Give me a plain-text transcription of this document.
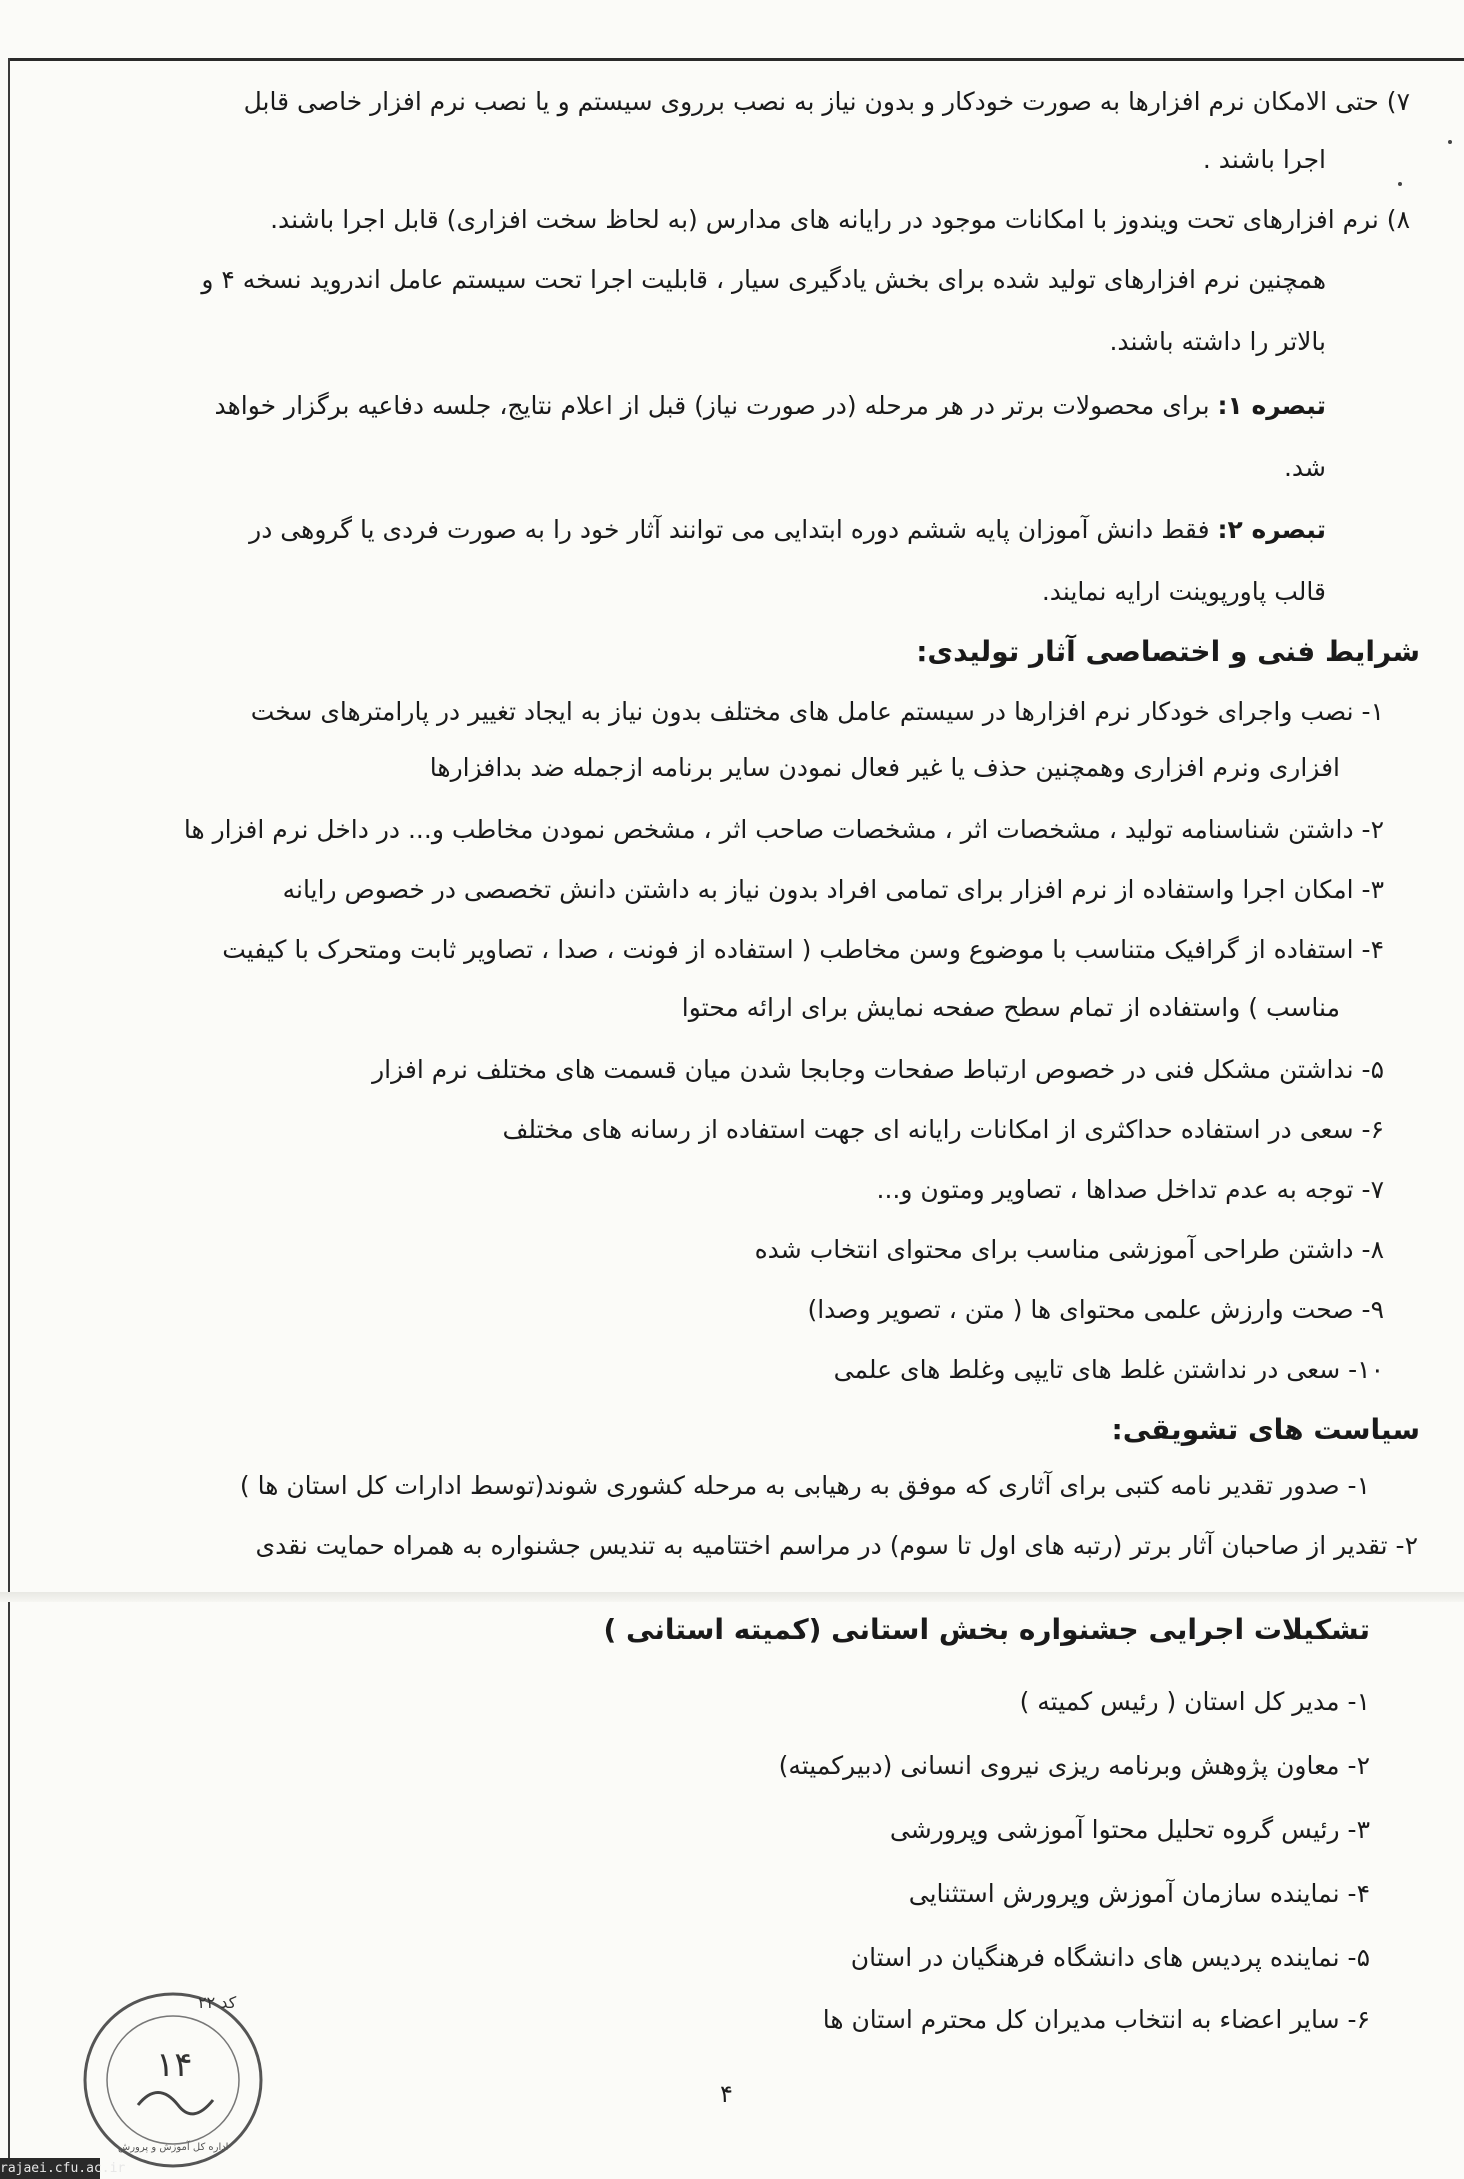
۷) حتی الامکان نرم افزارها به صورت خودکار و بدون نیاز به نصب برروی سیستم و یا نصب نرم افزار خاصی قابل
اجرا باشند .
۸) نرم افزارهای تحت ویندوز با امکانات موجود در رایانه های مدارس (به لحاظ سخت افزاری) قابل اجرا باشند.
همچنین نرم افزارهای تولید شده برای بخش یادگیری سیار ، قابلیت اجرا تحت سیستم عامل اندروید نسخه ۴ و
بالاتر را داشته باشند.
تبصره ۱: برای محصولات برتر در هر مرحله (در صورت نیاز) قبل از اعلام نتایج، جلسه دفاعیه برگزار خواهد
شد.
تبصره ۲: فقط دانش آموزان پایه ششم دوره ابتدایی می توانند آثار خود را به صورت فردی یا گروهی در
قالب پاورپوینت ارایه نمایند.
شرایط فنی و اختصاصی آثار تولیدی:
۱- نصب واجرای خودکار نرم افزارها در سیستم عامل های مختلف بدون نیاز به ایجاد تغییر در پارامترهای سخت
افزاری ونرم افزاری وهمچنین حذف یا غیر فعال نمودن سایر برنامه ازجمله ضد بدافزارها
۲- داشتن شناسنامه تولید ، مشخصات اثر ، مشخصات صاحب اثر ، مشخص نمودن مخاطب و... در داخل نرم افزار ها
۳- امکان اجرا واستفاده از نرم افزار برای تمامی افراد بدون نیاز به داشتن دانش تخصصی در خصوص رایانه
۴- استفاده از گرافیک متناسب با موضوع وسن مخاطب ( استفاده از فونت ، صدا ، تصاویر ثابت ومتحرک با کیفیت
مناسب ) واستفاده از تمام سطح صفحه نمایش برای ارائه محتوا
۵- نداشتن مشکل فنی در خصوص ارتباط صفحات وجابجا شدن میان قسمت های مختلف نرم افزار
۶- سعی در استفاده حداکثری از امکانات رایانه ای جهت استفاده از رسانه های مختلف
۷- توجه به عدم تداخل صداها ، تصاویر ومتون و...
۸- داشتن طراحی آموزشی مناسب برای محتوای انتخاب شده
۹- صحت وارزش علمی محتوای ها ( متن ، تصویر وصدا)
۱۰- سعی در نداشتن غلط های تایپی وغلط های علمی
سیاست های تشویقی:
۱- صدور تقدیر نامه کتبی برای آثاری که موفق به رهیابی به مرحله کشوری شوند(توسط ادارات کل استان ها )
۲- تقدیر از صاحبان آثار برتر (رتبه های اول تا سوم) در مراسم اختتامیه به تندیس جشنواره به همراه حمایت نقدی
تشکیلات اجرایی جشنواره بخش استانی (کمیته استانی )
۱- مدیر کل استان ( رئیس کمیته )
۲- معاون پژوهش وبرنامه ریزی نیروی انسانی (دبیرکمیته)
۳- رئیس گروه تحلیل محتوا آموزشی وپرورشی
۴- نماینده سازمان آموزش وپرورش استثنایی
۵- نماینده پردیس های دانشگاه فرهنگیان در استان
۶- سایر اعضاء به انتخاب مدیران کل محترم استان ها
کد ۲۲
۱۴
اداره کل آموزش و پرورش
۴
rajaei.cfu.ac.ir
